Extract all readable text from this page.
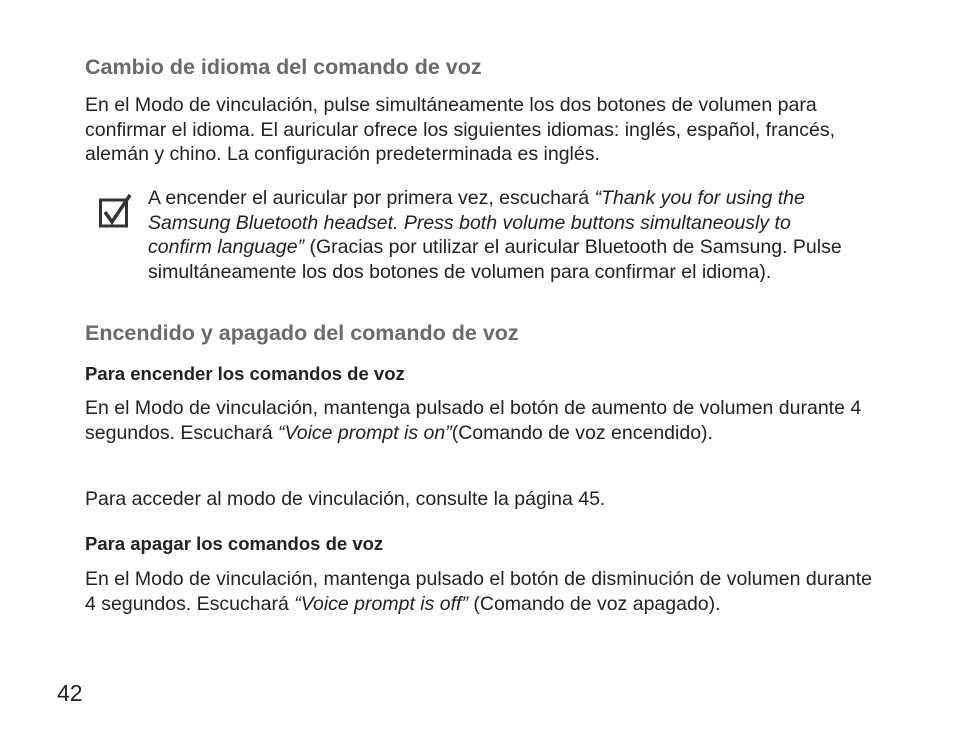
Cambio de idioma del comando de voz

En el Modo de vinculación, pulse simultáneamente los dos botones de volumen para confirmar el idioma. El auricular ofrece los siguientes idiomas: inglés, español, francés, alemán y chino. La configuración predeterminada es inglés.

A encender el auricular por primera vez, escuchará “Thank you for using the Samsung Bluetooth headset. Press both volume buttons simultaneously to confirm language” (Gracias por utilizar el auricular Bluetooth de Samsung. Pulse simultáneamente los dos botones de volumen para confirmar el idioma).

Encendido y apagado del comando de voz
Para encender los comandos de voz

En el Modo de vinculación, mantenga pulsado el botón de aumento de volumen durante 4 segundos. Escuchará “Voice prompt is on”(Comando de voz encendido).

Para acceder al modo de vinculación, consulte la página 45.

Para apagar los comandos de voz

En el Modo de vinculación, mantenga pulsado el botón de disminución de volumen durante 4 segundos. Escuchará “Voice prompt is off” (Comando de voz apagado).

42
